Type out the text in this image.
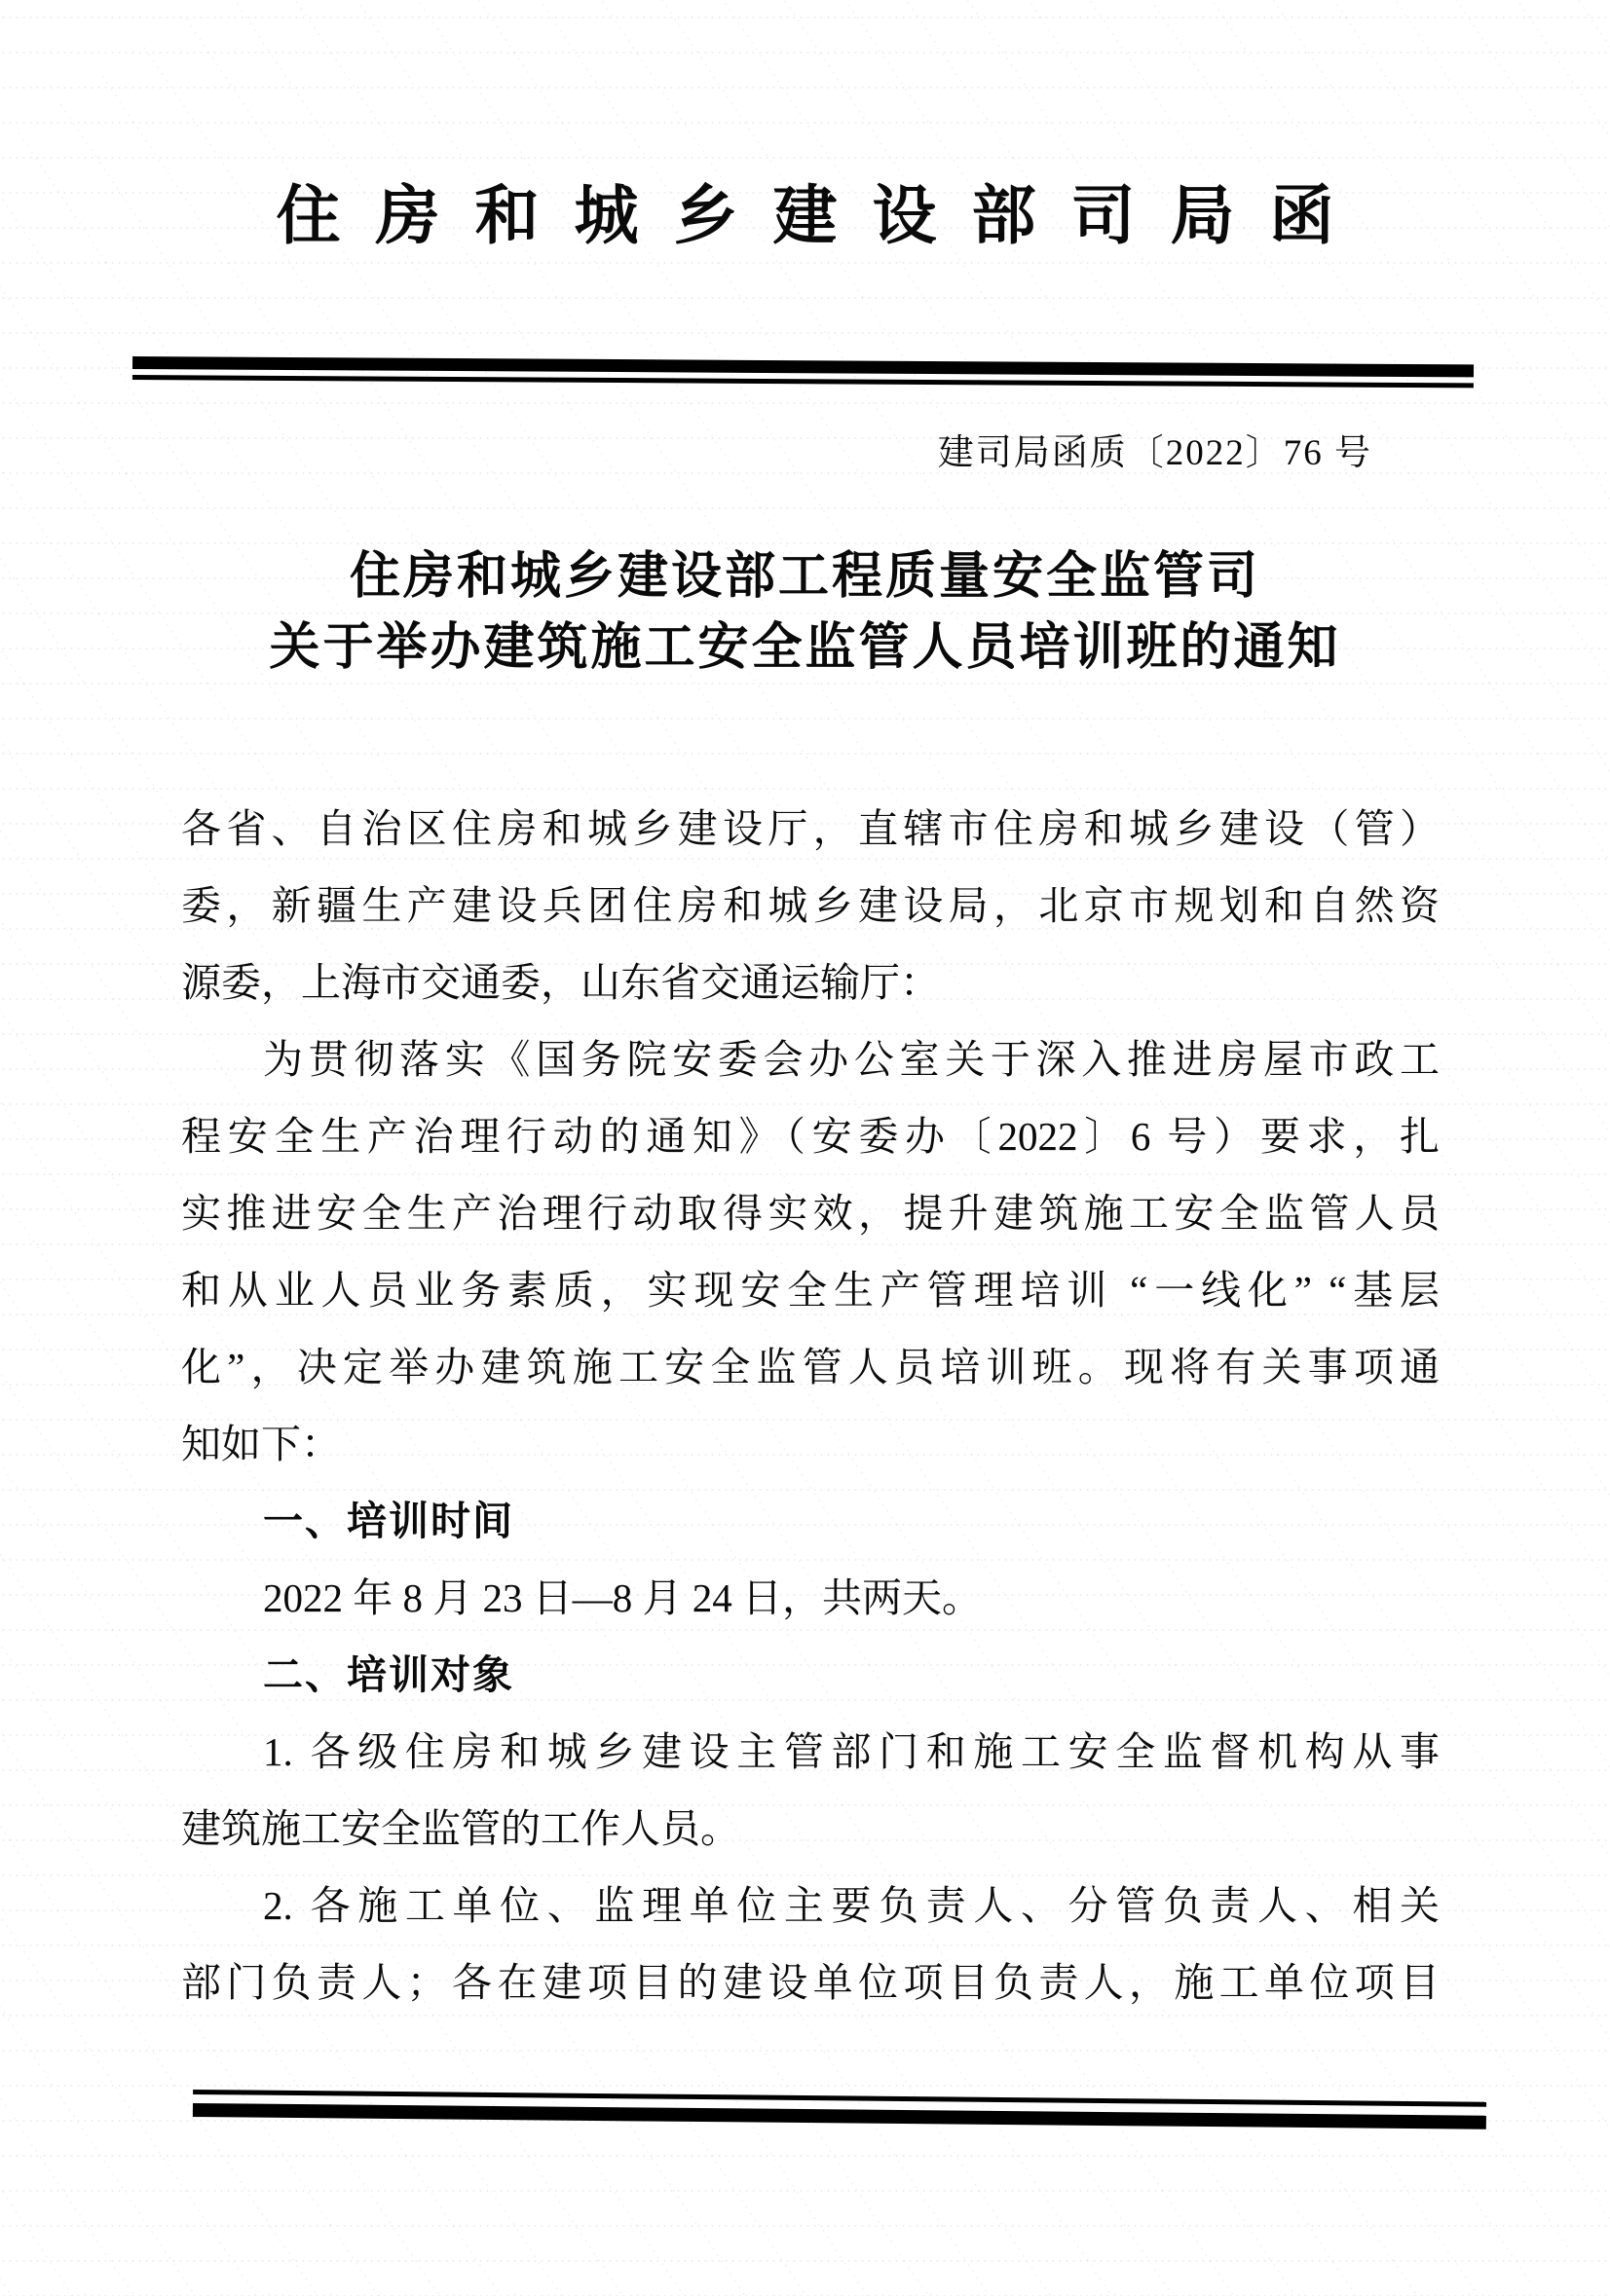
住房和城乡建设部司局函
建司局函质〔2022〕76 号
住房和城乡建设部工程质量安全监管司
关于举办建筑施工安全监管人员培训班的通知
各省、自治区住房和城乡建设厅，直辖市住房和城乡建设（管）
委，新疆生产建设兵团住房和城乡建设局，北京市规划和自然资
源委，上海市交通委，山东省交通运输厅：
为贯彻落实《国务院安委会办公室关于深入推进房屋市政工
程安全生产治理行动的通知》（安委办〔2022〕6 号）要求，扎
实推进安全生产治理行动取得实效，提升建筑施工安全监管人员
和从业人员业务素质，实现安全生产管理培训 “一线化” “基层
化”，决定举办建筑施工安全监管人员培训班。现将有关事项通
知如下：
一、培训时间
2022 年 8 月 23 日—8 月 24 日，共两天。
二、培训对象
1. 各级住房和城乡建设主管部门和施工安全监督机构从事
建筑施工安全监管的工作人员。
2. 各施工单位、监理单位主要负责人、分管负责人、相关
部门负责人；各在建项目的建设单位项目负责人，施工单位项目
